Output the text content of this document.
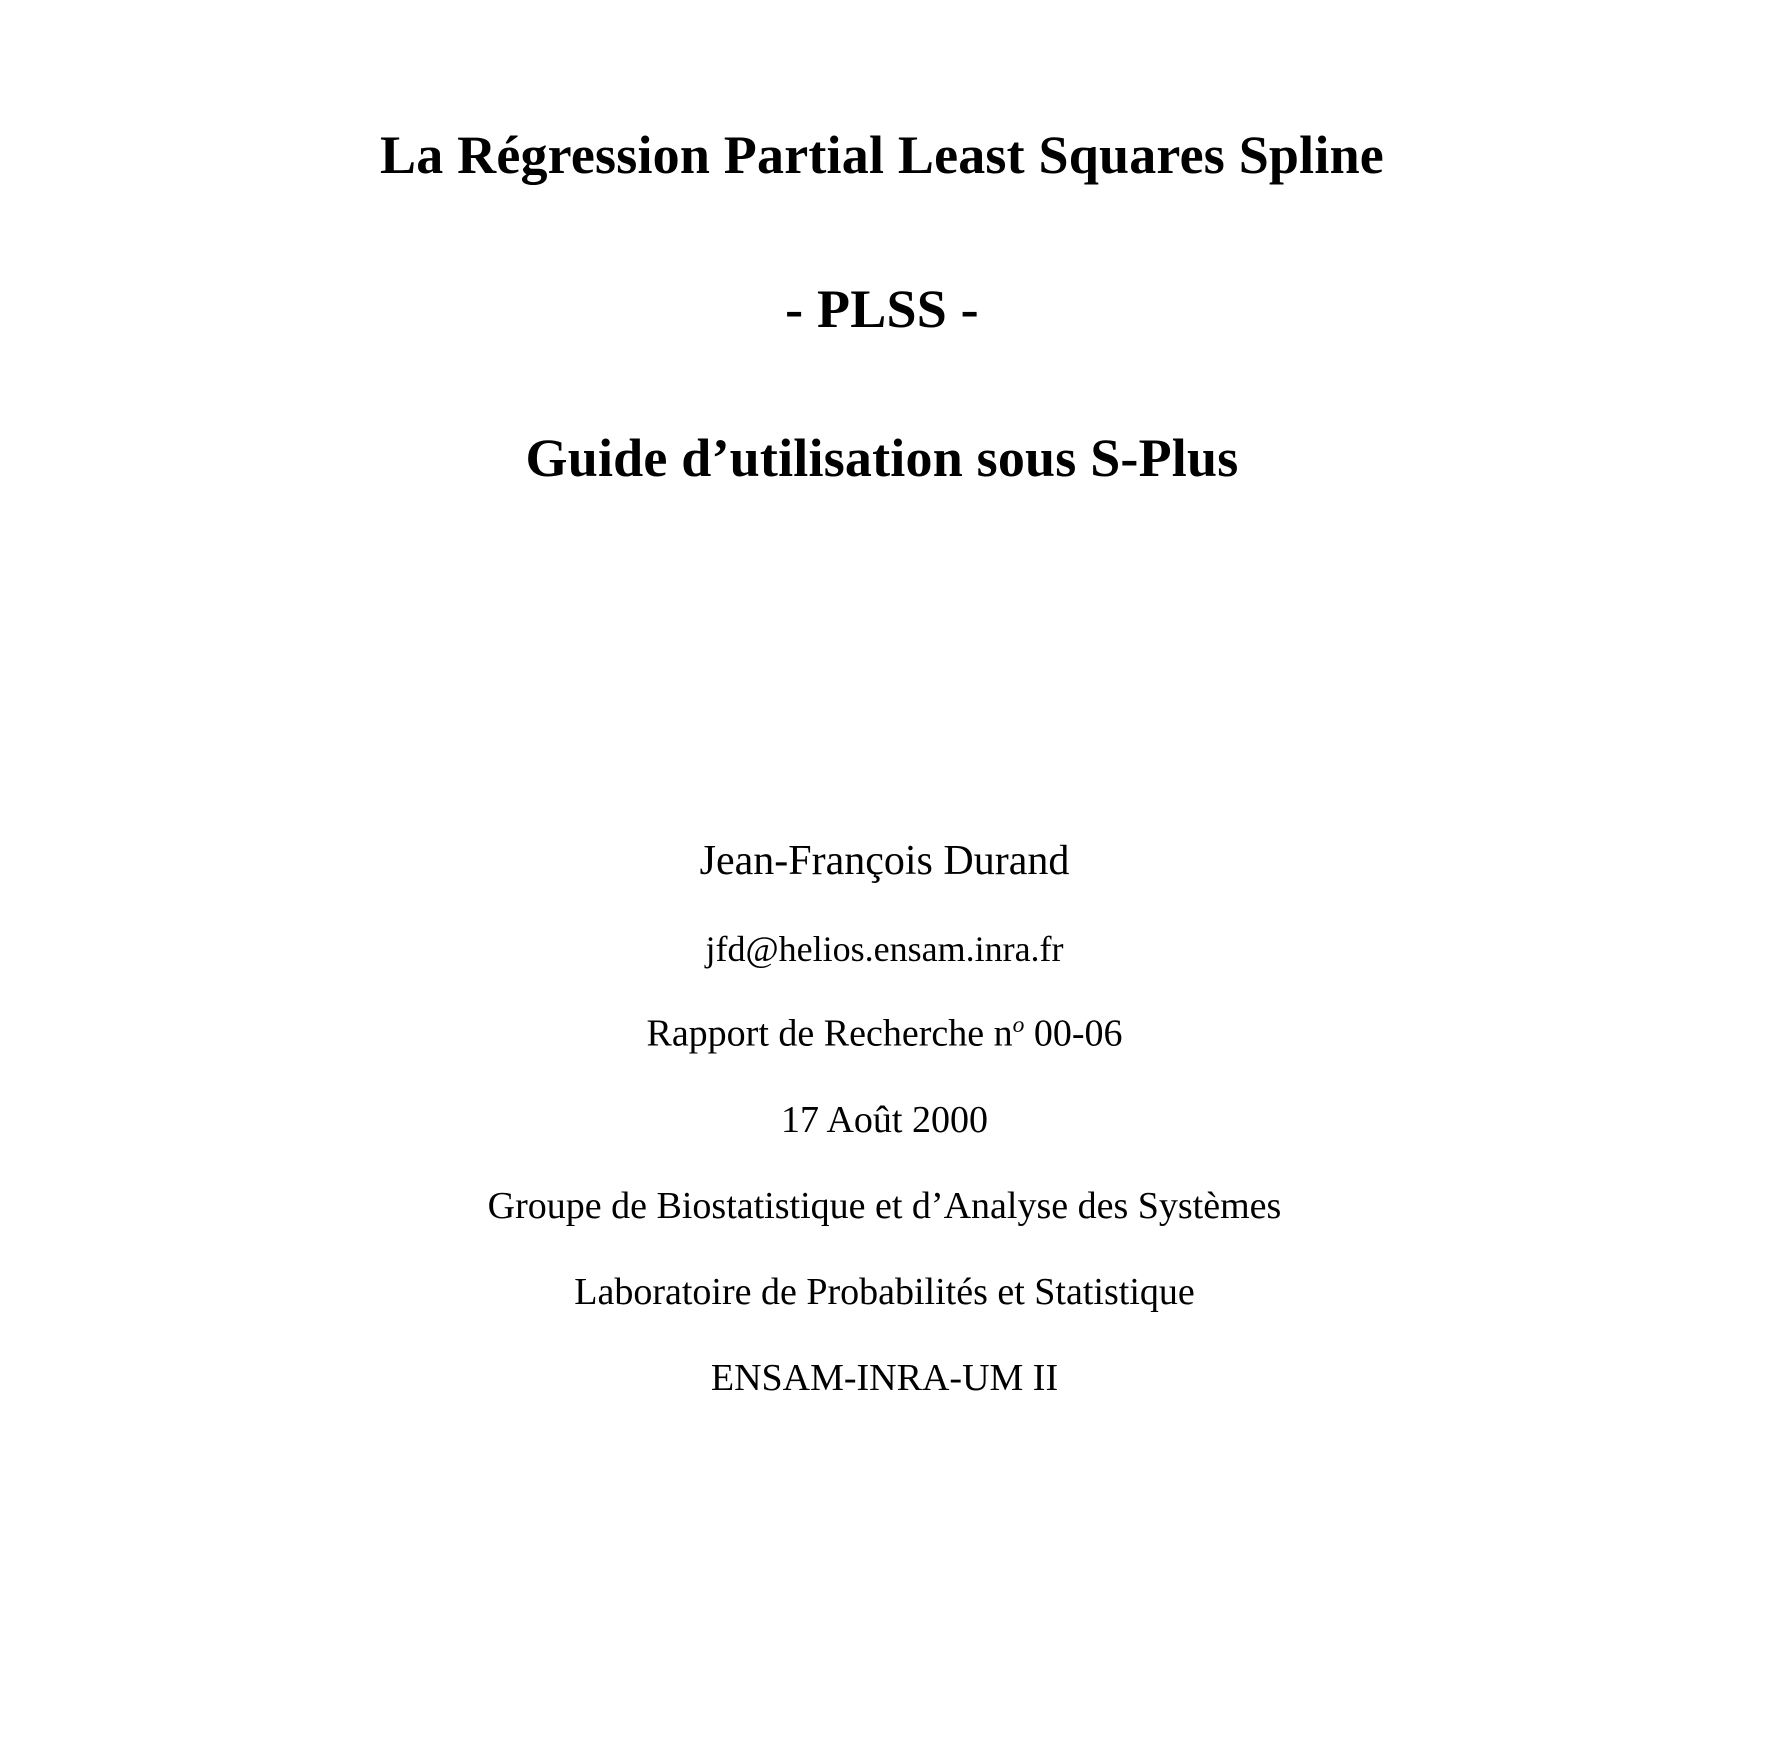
La Régression Partial Least Squares Spline
- PLSS -
Guide d’utilisation sous S-Plus
Jean-François Durand
jfd@helios.ensam.inra.fr
Rapport de Recherche $n^o$ 00-06
17 Août 2000
Groupe de Biostatistique et d’Analyse des Systèmes
Laboratoire de Probabilités et Statistique
ENSAM-INRA-UM II
